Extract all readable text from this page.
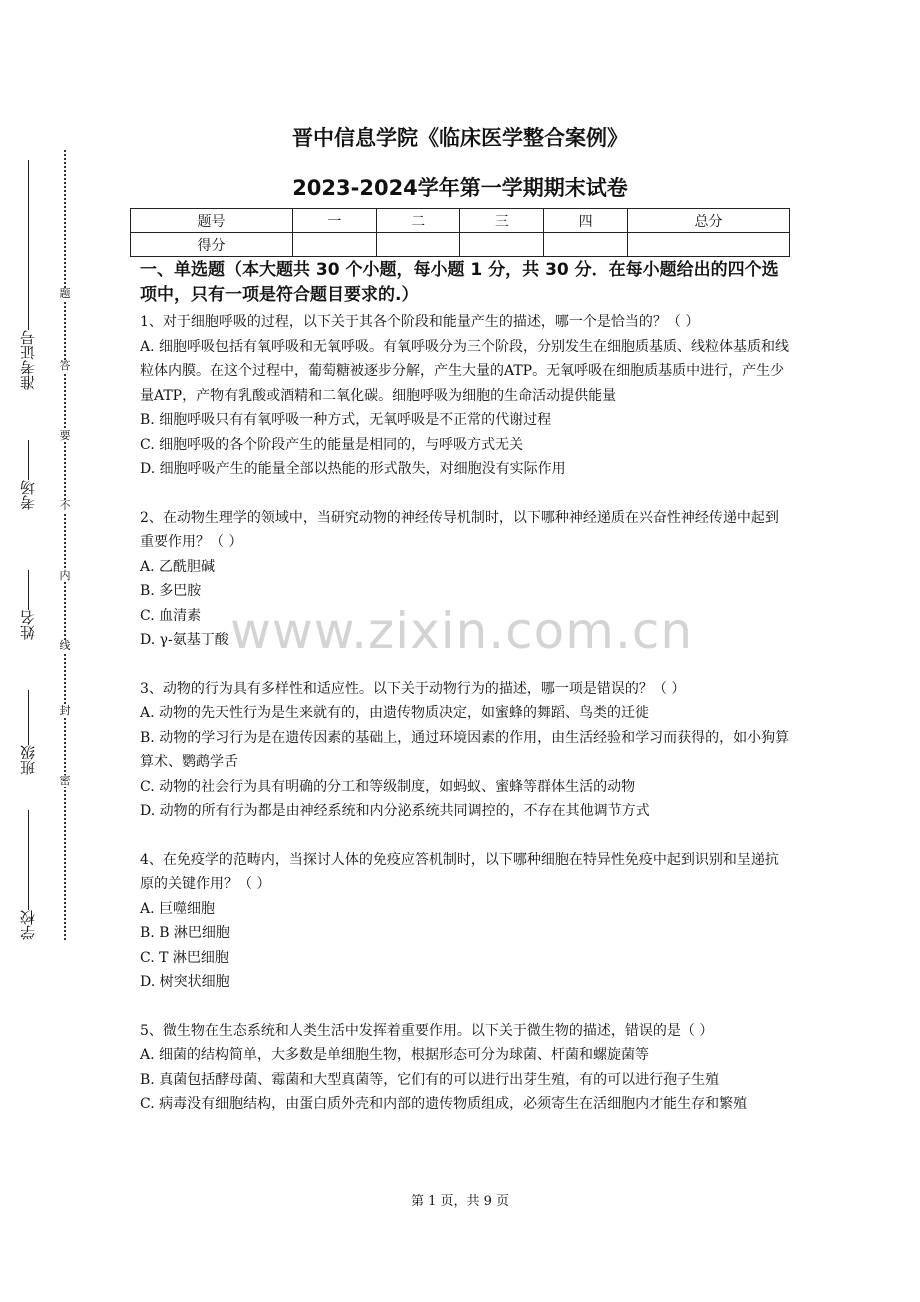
题
答
要
不
内
线
封
密
准考证号
考场
姓名
班级
学校
晋中信息学院《临床医学整合案例》
2023-2024学年第一学期期末试卷
题号	一	二	三	四	总分
得分					
一、单选题（本大题共 30 个小题，每小题 1 分，共 30 分．在每小题给出的四个选项中，只有一项是符合题目要求的.）

1、对于细胞呼吸的过程，以下关于其各个阶段和能量产生的描述，哪一个是恰当的？（ ）

A. 细胞呼吸包括有氧呼吸和无氧呼吸。有氧呼吸分为三个阶段，分别发生在细胞质基质、线粒体基质和线粒体内膜。在这个过程中，葡萄糖被逐步分解，产生大量的ATP。无氧呼吸在细胞质基质中进行，产生少量ATP，产物有乳酸或酒精和二氧化碳。细胞呼吸为细胞的生命活动提供能量

B. 细胞呼吸只有有氧呼吸一种方式，无氧呼吸是不正常的代谢过程

C. 细胞呼吸的各个阶段产生的能量是相同的，与呼吸方式无关

D. 细胞呼吸产生的能量全部以热能的形式散失，对细胞没有实际作用

2、在动物生理学的领域中，当研究动物的神经传导机制时，以下哪种神经递质在兴奋性神经传递中起到重要作用？（ ）

A. 乙酰胆碱

B. 多巴胺

C. 血清素

D. γ-氨基丁酸

3、动物的行为具有多样性和适应性。以下关于动物行为的描述，哪一项是错误的？（ ）

A. 动物的先天性行为是生来就有的，由遗传物质决定，如蜜蜂的舞蹈、鸟类的迁徙

B. 动物的学习行为是在遗传因素的基础上，通过环境因素的作用，由生活经验和学习而获得的，如小狗算算术、鹦鹉学舌

C. 动物的社会行为具有明确的分工和等级制度，如蚂蚁、蜜蜂等群体生活的动物

D. 动物的所有行为都是由神经系统和内分泌系统共同调控的，不存在其他调节方式

4、在免疫学的范畴内，当探讨人体的免疫应答机制时，以下哪种细胞在特异性免疫中起到识别和呈递抗原的关键作用？（ ）

A. 巨噬细胞

B. B 淋巴细胞

C. T 淋巴细胞

D. 树突状细胞

5、微生物在生态系统和人类生活中发挥着重要作用。以下关于微生物的描述，错误的是（ ）

A. 细菌的结构简单，大多数是单细胞生物，根据形态可分为球菌、杆菌和螺旋菌等

B. 真菌包括酵母菌、霉菌和大型真菌等，它们有的可以进行出芽生殖，有的可以进行孢子生殖

C. 病毒没有细胞结构，由蛋白质外壳和内部的遗传物质组成，必须寄生在活细胞内才能生存和繁殖

www.zixin.com.cn
第 1 页，共 9 页
